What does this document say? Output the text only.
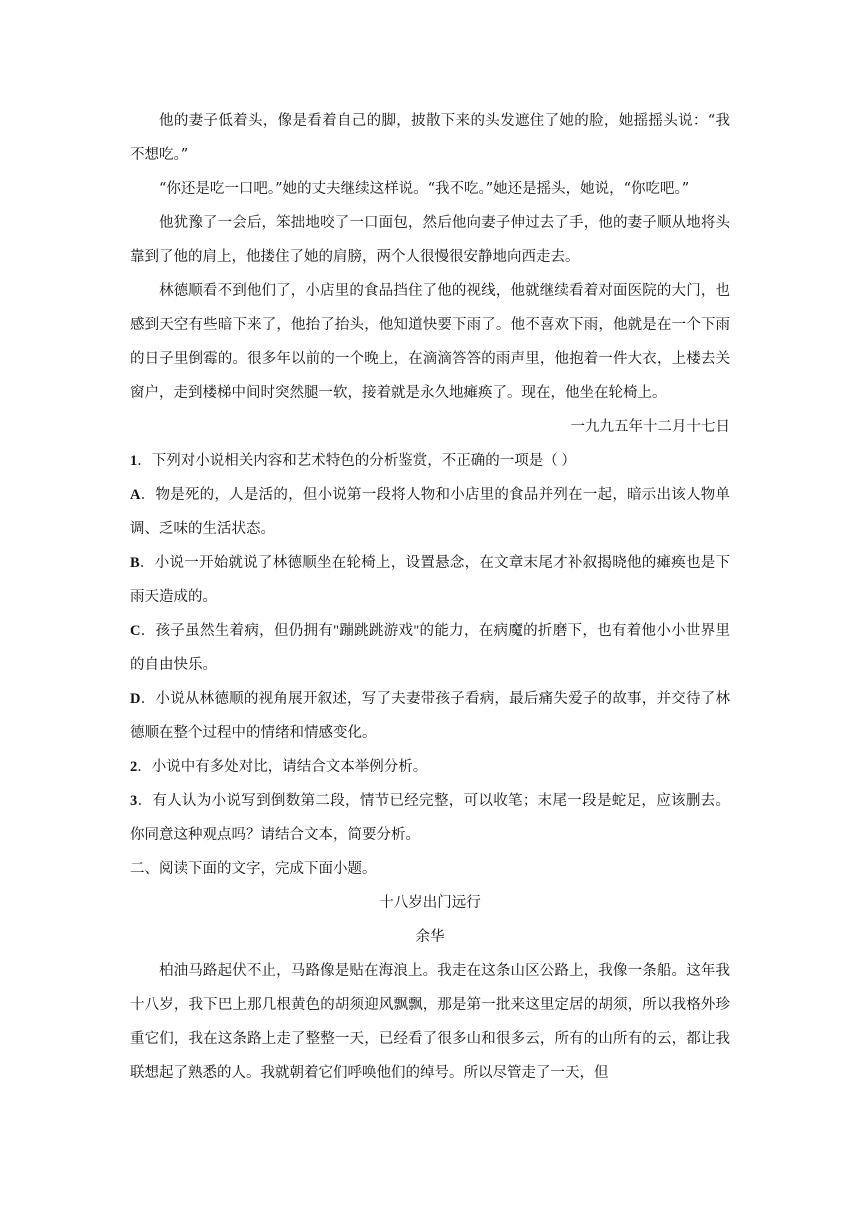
他的妻子低着头，像是看着自己的脚，披散下来的头发遮住了她的脸，她摇摇头说：“我不想吃。”

“你还是吃一口吧。”她的丈夫继续这样说。“我不吃。”她还是摇头，她说，“你吃吧。”

他犹豫了一会后，笨拙地咬了一口面包，然后他向妻子伸过去了手，他的妻子顺从地将头靠到了他的肩上，他搂住了她的肩膀，两个人很慢很安静地向西走去。

林德顺看不到他们了，小店里的食品挡住了他的视线，他就继续看着对面医院的大门，也感到天空有些暗下来了，他抬了抬头，他知道快要下雨了。他不喜欢下雨，他就是在一个下雨的日子里倒霉的。很多年以前的一个晚上，在滴滴答答的雨声里，他抱着一件大衣，上楼去关窗户，走到楼梯中间时突然腿一软，接着就是永久地瘫痪了。现在，他坐在轮椅上。

一九九五年十二月十七日

1．下列对小说相关内容和艺术特色的分析鉴赏，不正确的一项是（ ）

A．物是死的，人是活的，但小说第一段将人物和小店里的食品并列在一起，暗示出该人物单调、乏味的生活状态。

B．小说一开始就说了林德顺坐在轮椅上，设置悬念，在文章末尾才补叙揭晓他的瘫痪也是下雨天造成的。

C．孩子虽然生着病，但仍拥有"蹦跳跳游戏"的能力，在病魔的折磨下，也有着他小小世界里的自由快乐。

D．小说从林德顺的视角展开叙述，写了夫妻带孩子看病，最后痛失爱子的故事，并交待了林德顺在整个过程中的情绪和情感变化。

2．小说中有多处对比，请结合文本举例分析。

3．有人认为小说写到倒数第二段，情节已经完整，可以收笔；末尾一段是蛇足，应该删去。你同意这种观点吗？请结合文本，简要分析。

二、阅读下面的文字，完成下面小题。

十八岁出门远行

余华

柏油马路起伏不止，马路像是贴在海浪上。我走在这条山区公路上，我像一条船。这年我十八岁，我下巴上那几根黄色的胡须迎风飘飘，那是第一批来这里定居的胡须，所以我格外珍重它们，我在这条路上走了整整一天，已经看了很多山和很多云，所有的山所有的云，都让我联想起了熟悉的人。我就朝着它们呼唤他们的绰号。所以尽管走了一天，但
